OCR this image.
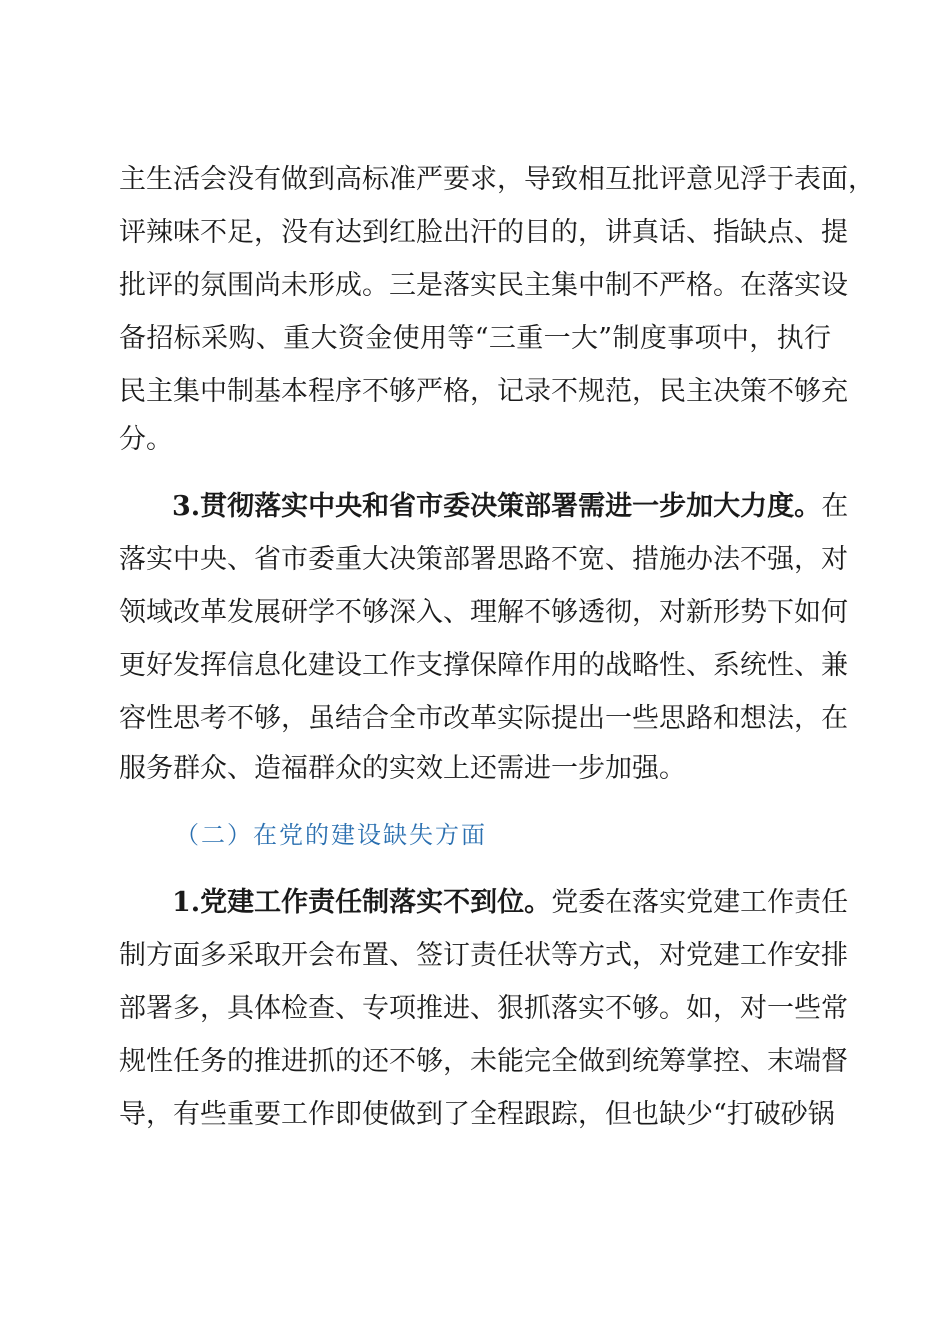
主生活会没有做到高标准严要求，导致相互批评意见浮于表面，
评辣味不足，没有达到红脸出汗的目的，讲真话、指缺点、提
批评的氛围尚未形成。三是落实民主集中制不严格。在落实设
备招标采购、重大资金使用等“三重一大”制度事项中，执行
民主集中制基本程序不够严格，记录不规范，民主决策不够充
分。
3.贯彻落实中央和省市委决策部署需进一步加大力度。 在
落实中央、省市委重大决策部署思路不宽、措施办法不强，对
领域改革发展研学不够深入、理解不够透彻，对新形势下如何
更好发挥信息化建设工作支撑保障作用的战略性、系统性、兼
容性思考不够，虽结合全市改革实际提出一些思路和想法，在
服务群众、造福群众的实效上还需进一步加强。
（二）在党的建设缺失方面
1.党建工作责任制落实不到位。 党委在落实党建工作责任
制方面多采取开会布置、签订责任状等方式，对党建工作安排
部署多，具体检查、专项推进、狠抓落实不够。如，对一些常
规性任务的推进抓的还不够，未能完全做到统筹掌控、末端督
导，有些重要工作即使做到了全程跟踪，但也缺少“打破砂锅
